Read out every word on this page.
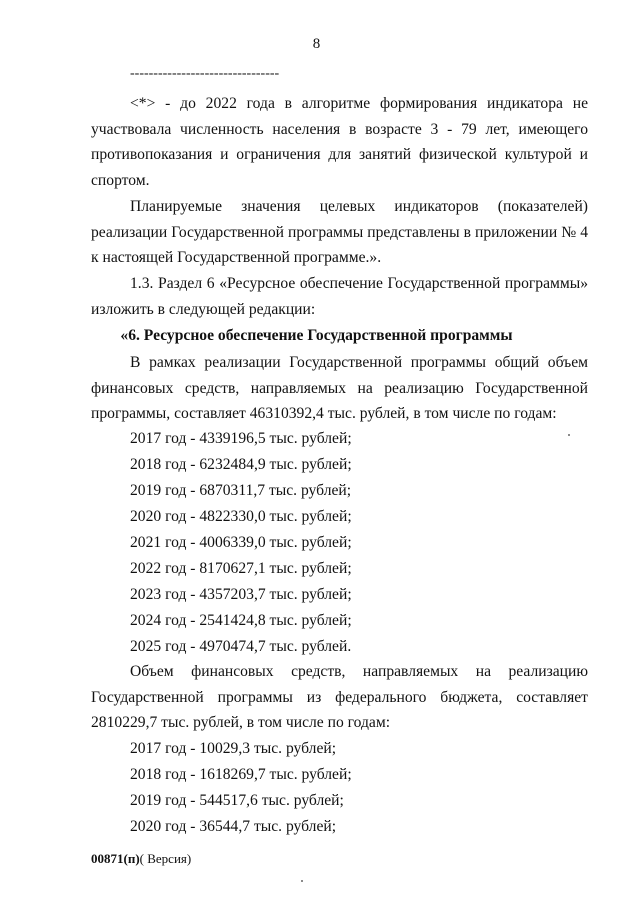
8
--------------------------------

<*> - до 2022 года в алгоритме формирования индикатора не участвовала численность населения в возрасте 3 - 79 лет, имеющего противопоказания и ограничения для занятий физической культурой и спортом.

Планируемые значения целевых индикаторов (показателей) реализации Государственной программы представлены в приложении № 4 к настоящей Государственной программе.».

1.3. Раздел 6 «Ресурсное обеспечение Государственной программы» изложить в следующей редакции:

«6. Ресурсное обеспечение Государственной программы

В рамках реализации Государственной программы общий объем финансовых средств, направляемых на реализацию Государственной программы, составляет 46310392,4 тыс. рублей, в том числе по годам:

2017 год - 4339196,5 тыс. рублей;
2018 год - 6232484,9 тыс. рублей;
2019 год - 6870311,7 тыс. рублей;
2020 год - 4822330,0 тыс. рублей;
2021 год - 4006339,0 тыс. рублей;
2022 год - 8170627,1 тыс. рублей;
2023 год - 4357203,7 тыс. рублей;
2024 год - 2541424,8 тыс. рублей;
2025 год - 4970474,7 тыс. рублей.

Объем финансовых средств, направляемых на реализацию Государственной программы из федерального бюджета, составляет 2810229,7 тыс. рублей, в том числе по годам:

2017 год - 10029,3 тыс. рублей;
2018 год - 1618269,7 тыс. рублей;
2019 год - 544517,6 тыс. рублей;
2020 год - 36544,7 тыс. рублей;
00871(п)( Версия)
